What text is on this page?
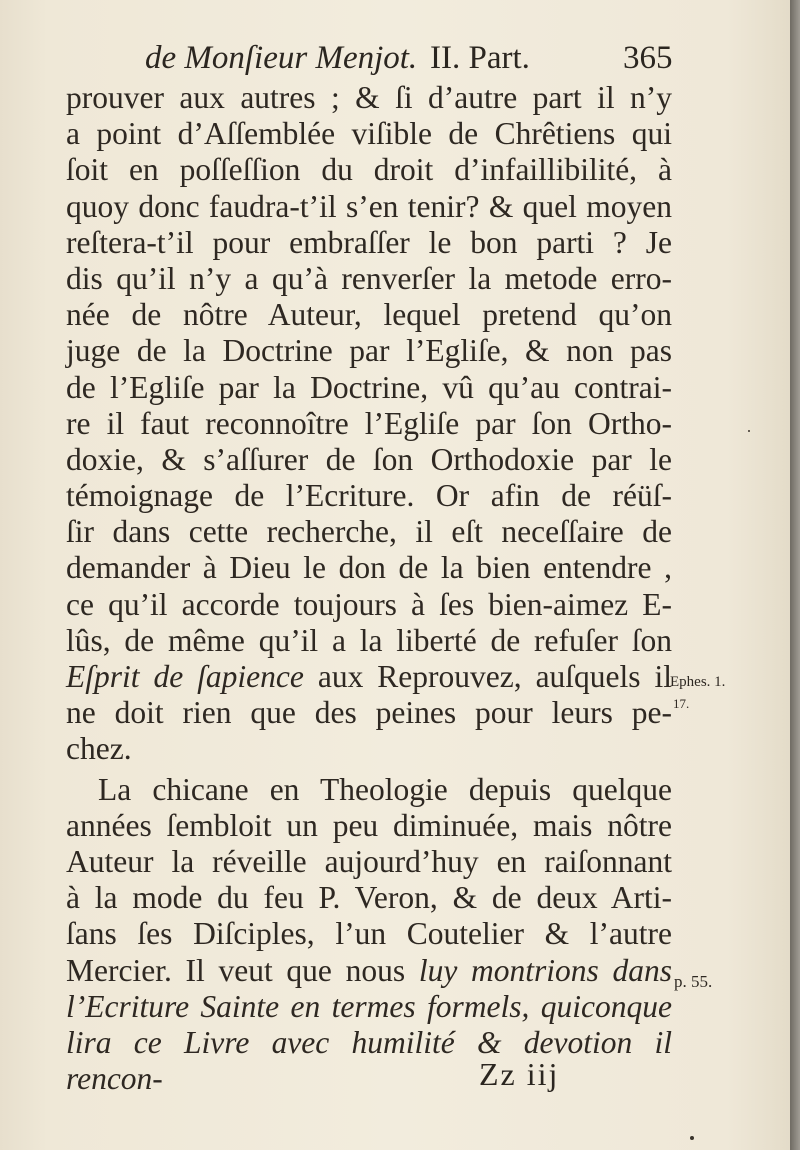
de Monſieur Menjot. II. Part.	365
prouver aux autres ; & ſi d’autre part il n’y
a point d’Aſſemblée viſible de Chrêtiens qui
ſoit en poſſeſſion du droit d’infaillibilité, à
quoy donc faudra-t’il s’en tenir? & quel moyen
reſtera-t’il pour embraſſer le bon parti ? Je
dis qu’il n’y a qu’à renverſer la metode erro-
née de nôtre Auteur, lequel pretend qu’on
juge de la Doctrine par l’Egliſe, & non pas
de l’Egliſe par la Doctrine, vû qu’au contrai-
re il faut reconnoître l’Egliſe par ſon Ortho-
doxie, & s’aſſurer de ſon Orthodoxie par le
témoignage de l’Ecriture. Or afin de réüſ-
ſir dans cette recherche, il eſt neceſſaire de
demander à Dieu le don de la bien entendre ,
ce qu’il accorde toujours à ſes bien-aimez E-
lûs, de même qu’il a la liberté de refuſer ſon
Eſprit de ſapience aux Reprouvez, auſquels il
ne doit rien que des peines pour leurs pe-
chez.
La chicane en Theologie depuis quelque
années ſembloit un peu diminuée, mais nôtre
Auteur la réveille aujourd’huy en raiſonnant
à la mode du feu P. Veron, & de deux Arti-
ſans ſes Diſciples, l’un Coutelier & l’autre
Mercier. Il veut que nous luy montrions dans
l’Ecriture Sainte en termes formels, quiconque
lira ce Livre avec humilité & devotion il rencon-
Ephes. 1.
17.
p. 55.
Zz iij
